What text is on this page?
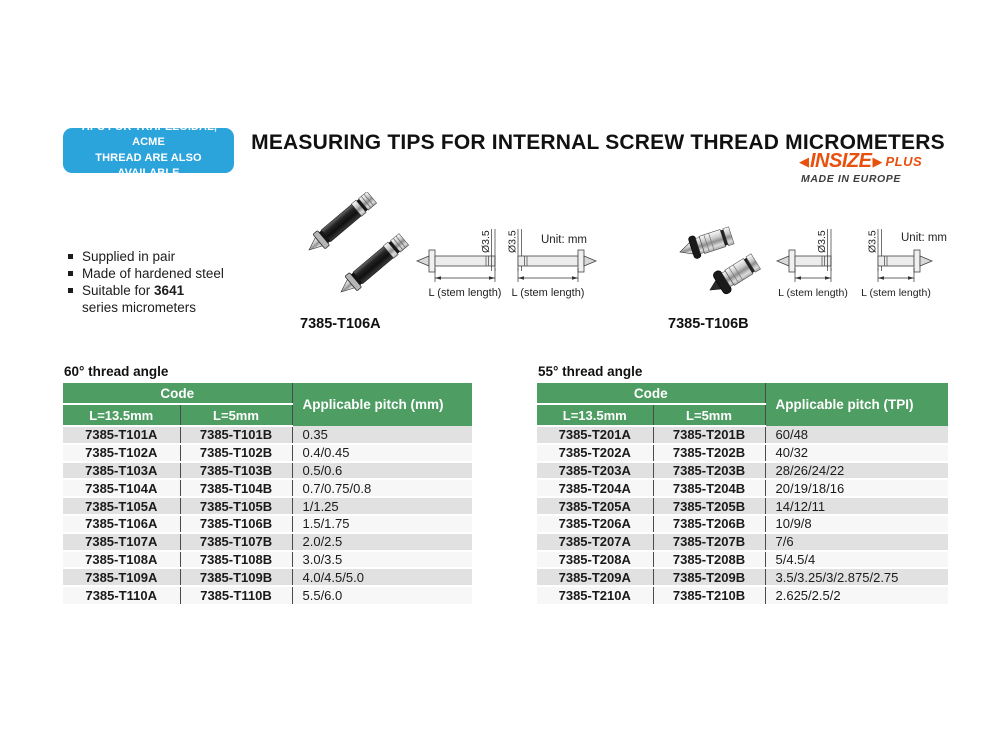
TIPS FOR TRAPEZOIDAL, ACME
THREAD ARE ALSO AVAILABLE
MEASURING TIPS FOR INTERNAL SCREW THREAD MICROMETERS
◀ INSIZE ▶ PLUS
MADE IN EUROPE
Supplied in pair
Made of hardened steel
Suitable for 3641
series micrometers
7385-T106A	7385-T106B
Unit: mm
Ø3.5
L (stem length)
Ø3.5
L (stem length)
Unit: mm
Ø3.5
L (stem length)
Ø3.5
L (stem length)
60° thread angle
Code		Applicable pitch (mm)
L=13.5mm	L=5mm	
7385-T101A	7385-T101B	0.35
7385-T102A	7385-T102B	0.4/0.45
7385-T103A	7385-T103B	0.5/0.6
7385-T104A	7385-T104B	0.7/0.75/0.8
7385-T105A	7385-T105B	1/1.25
7385-T106A	7385-T106B	1.5/1.75
7385-T107A	7385-T107B	2.0/2.5
7385-T108A	7385-T108B	3.0/3.5
7385-T109A	7385-T109B	4.0/4.5/5.0
7385-T110A	7385-T110B	5.5/6.0
55° thread angle
Code		Applicable pitch (TPI)
L=13.5mm	L=5mm	
7385-T201A	7385-T201B	60/48
7385-T202A	7385-T202B	40/32
7385-T203A	7385-T203B	28/26/24/22
7385-T204A	7385-T204B	20/19/18/16
7385-T205A	7385-T205B	14/12/11
7385-T206A	7385-T206B	10/9/8
7385-T207A	7385-T207B	7/6
7385-T208A	7385-T208B	5/4.5/4
7385-T209A	7385-T209B	3.5/3.25/3/2.875/2.75
7385-T210A	7385-T210B	2.625/2.5/2
